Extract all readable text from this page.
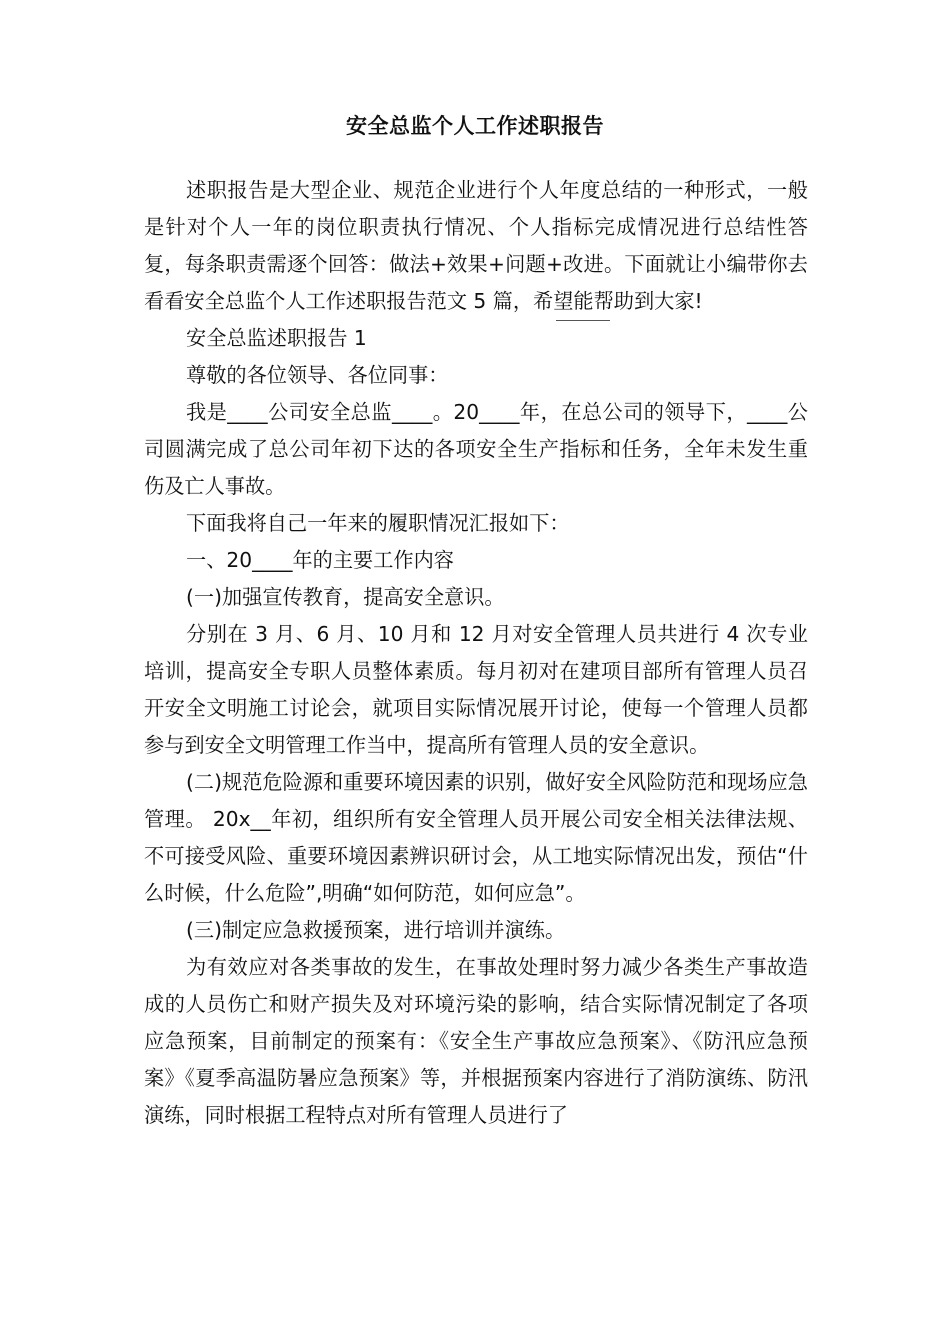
安全总监个人工作述职报告

述职报告是大型企业、规范企业进行个人年度总结的一种形式，一般是针对个人一年的岗位职责执行情况、个人指标完成情况进行总结性答复，每条职责需逐个回答：做法+效果+问题+改进。下面就让小编带你去看看安全总监个人工作述职报告范文 5 篇，希望能帮助到大家!

安全总监述职报告 1

尊敬的各位领导、各位同事：

我是____公司安全总监____。20____年，在总公司的领导下，____公司圆满完成了总公司年初下达的各项安全生产指标和任务，全年未发生重伤及亡人事故。

下面我将自己一年来的履职情况汇报如下：

一、20____年的主要工作内容

(一)加强宣传教育，提高安全意识。

分别在 3 月、6 月、10 月和 12 月对安全管理人员共进行 4 次专业培训，提高安全专职人员整体素质。每月初对在建项目部所有管理人员召开安全文明施工讨论会，就项目实际情况展开讨论，使每一个管理人员都参与到安全文明管理工作当中，提高所有管理人员的安全意识。

(二)规范危险源和重要环境因素的识别，做好安全风险防范和现场应急管理。 20x__年初，组织所有安全管理人员开展公司安全相关法律法规、不可接受风险、重要环境因素辨识研讨会，从工地实际情况出发，预估“什么时候，什么危险”,明确“如何防范，如何应急”。

(三)制定应急救援预案，进行培训并演练。

为有效应对各类事故的发生，在事故处理时努力减少各类生产事故造成的人员伤亡和财产损失及对环境污染的影响，结合实际情况制定了各项应急预案，目前制定的预案有：《安全生产事故应急预案》、《防汛应急预案》《夏季高温防暑应急预案》等，并根据预案内容进行了消防演练、防汛演练，同时根据工程特点对所有管理人员进行了
